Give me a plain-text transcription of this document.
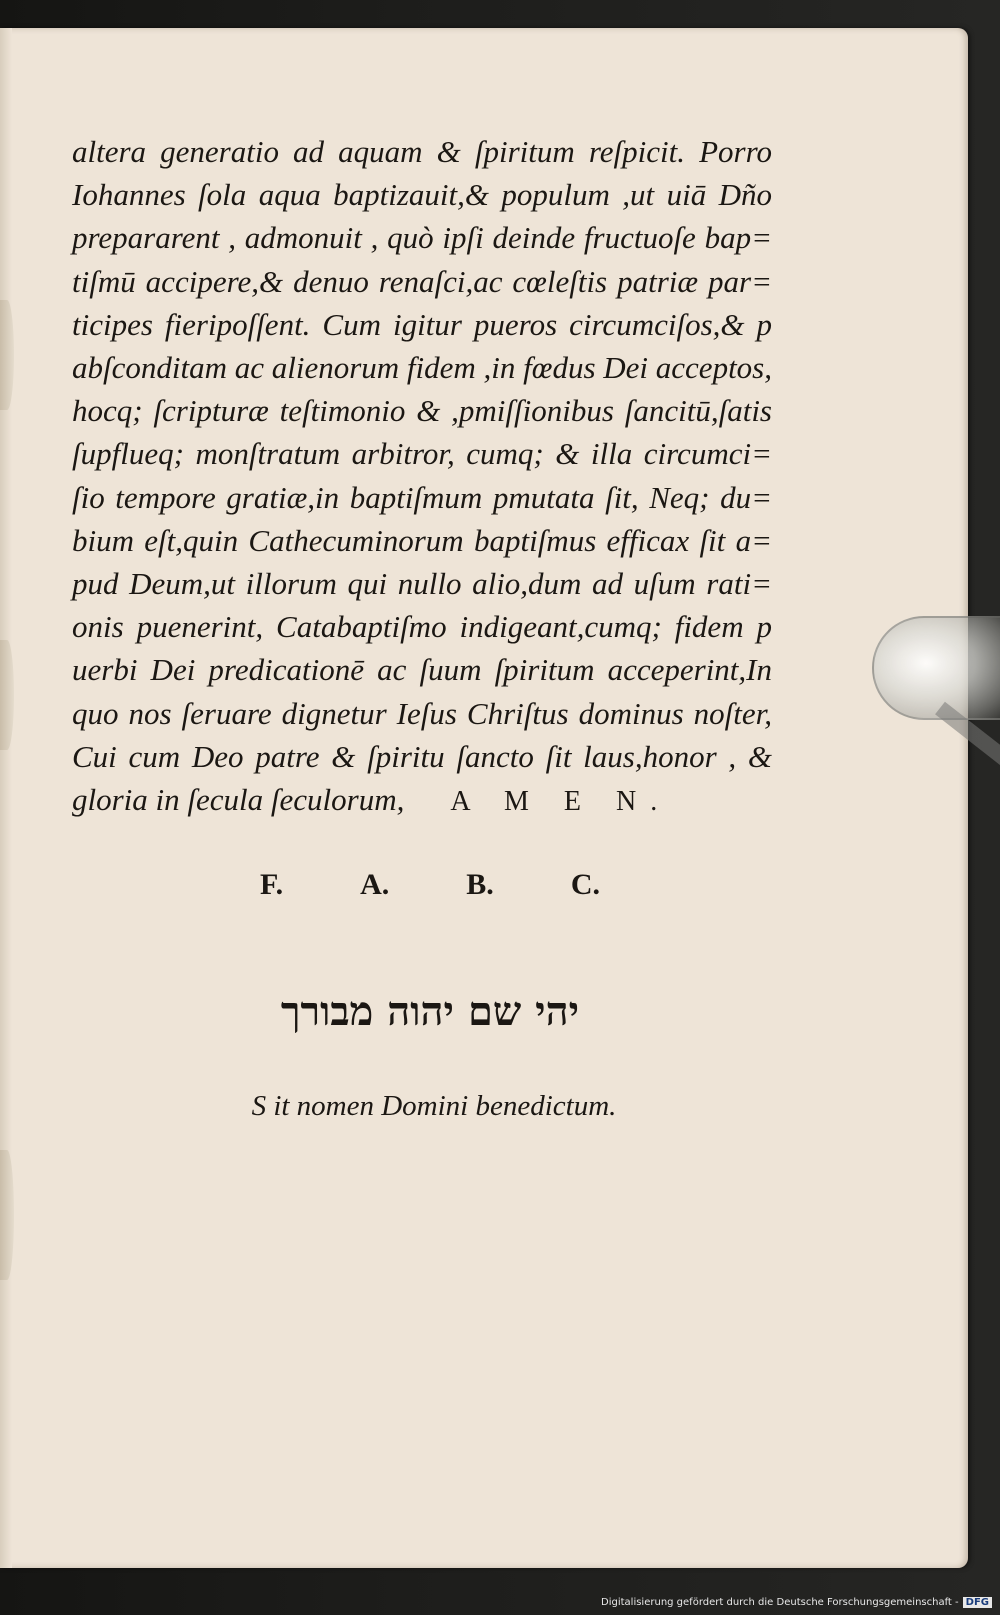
altera generatio ad aquam & ſpiritum reſpicit. Porro
Iohannes ſola aqua baptizauit,& populum ,ut uiā Dño
prepararent , admonuit , quò ipſi deinde fructuoſe bap=
tiſmū accipere,& denuo renaſci,ac cœleſtis patriæ par=
ticipes fieripoſſent. Cum igitur pueros circumciſos,& p
abſconditam ac alienorum fidem ,in fœdus Dei acceptos,
hocq; ſcripturæ teſtimonio & ,pmiſſionibus ſancitū,ſatis
ſupflueq; monſtratum arbitror, cumq; & illa circumci=
ſio tempore gratiæ,in baptiſmum pmutata ſit, Neq; du=
bium eſt,quin Cathecuminorum baptiſmus efficax ſit a=
pud Deum,ut illorum qui nullo alio,dum ad uſum rati=
onis puenerint, Catabaptiſmo indigeant,cumq; fidem p
uerbi Dei predicationē ac ſuum ſpiritum acceperint,In
quo nos ſeruare dignetur Ieſus Chriſtus dominus noſter,
Cui cum Deo patre & ſpiritu ſancto ſit laus,honor , &
gloria in ſecula ſeculorum, A M E N.
F.	A.	B.	C.
יהי שם יהוה מבורך
S it nomen Domini benedictum.
Digitalisierung gefördert durch die Deutsche Forschungsgemeinschaft - DFG
